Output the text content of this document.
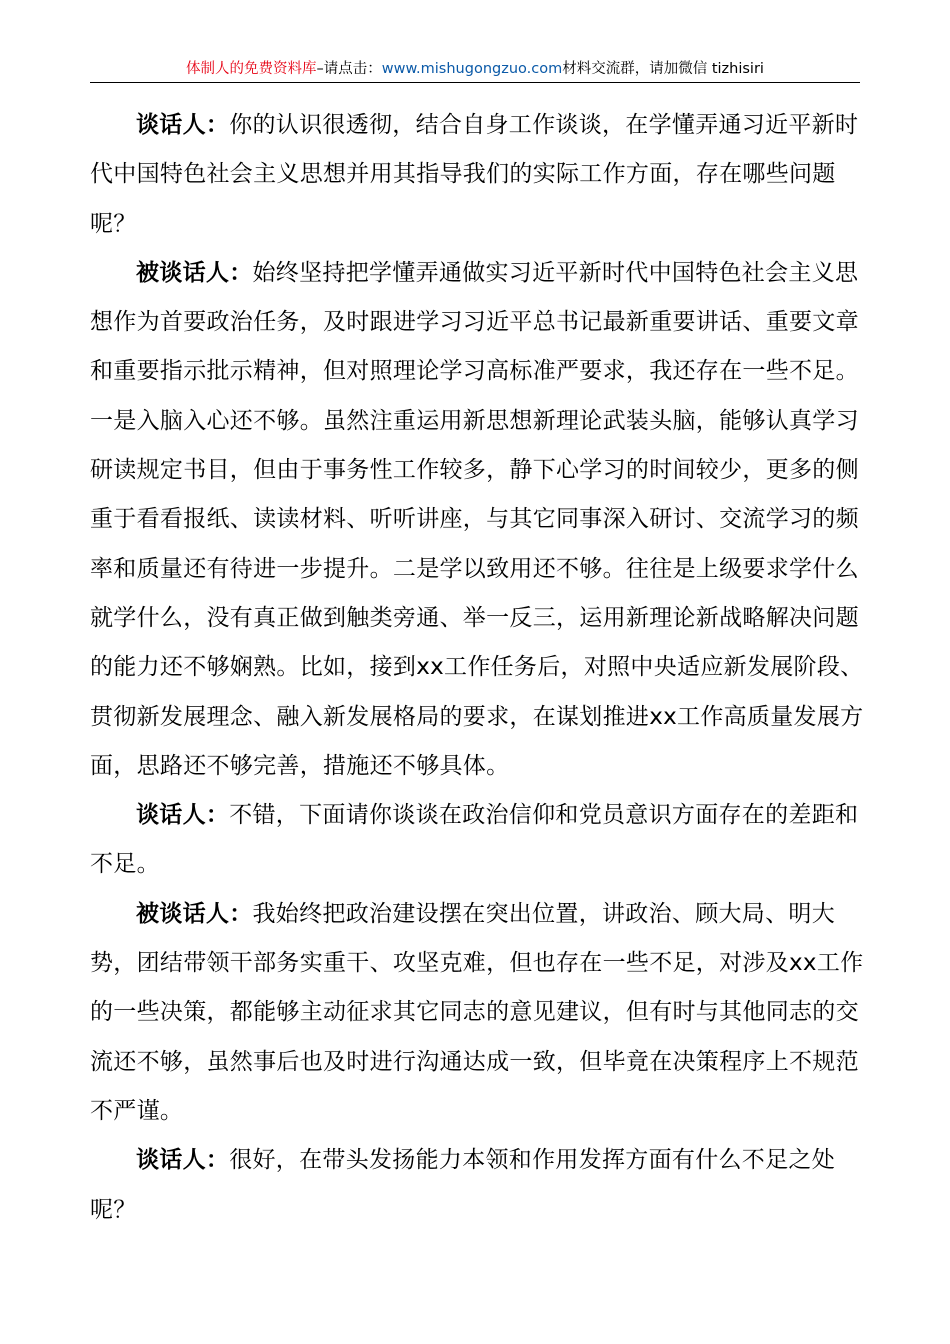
体制人的免费资料库–请点击：www.mishugongzuo.com材料交流群，请加微信 tizhisiri

谈话人：你的认识很透彻，结合自身工作谈谈，在学懂弄通习近平新时代中国特色社会主义思想并用其指导我们的实际工作方面，存在哪些问题呢？

被谈话人：始终坚持把学懂弄通做实习近平新时代中国特色社会主义思想作为首要政治任务，及时跟进学习习近平总书记最新重要讲话、重要文章和重要指示批示精神，但对照理论学习高标准严要求，我还存在一些不足。一是入脑入心还不够。虽然注重运用新思想新理论武装头脑，能够认真学习研读规定书目，但由于事务性工作较多，静下心学习的时间较少，更多的侧重于看看报纸、读读材料、听听讲座，与其它同事深入研讨、交流学习的频率和质量还有待进一步提升。二是学以致用还不够。往往是上级要求学什么就学什么，没有真正做到触类旁通、举一反三，运用新理论新战略解决问题的能力还不够娴熟。比如，接到xx工作任务后，对照中央适应新发展阶段、贯彻新发展理念、融入新发展格局的要求，在谋划推进xx工作高质量发展方面，思路还不够完善，措施还不够具体。

谈话人：不错，下面请你谈谈在政治信仰和党员意识方面存在的差距和不足。

被谈话人：我始终把政治建设摆在突出位置，讲政治、顾大局、明大势，团结带领干部务实重干、攻坚克难，但也存在一些不足，对涉及xx工作的一些决策，都能够主动征求其它同志的意见建议，但有时与其他同志的交流还不够，虽然事后也及时进行沟通达成一致，但毕竟在决策程序上不规范不严谨。

谈话人：很好，在带头发扬能力本领和作用发挥方面有什么不足之处呢？
